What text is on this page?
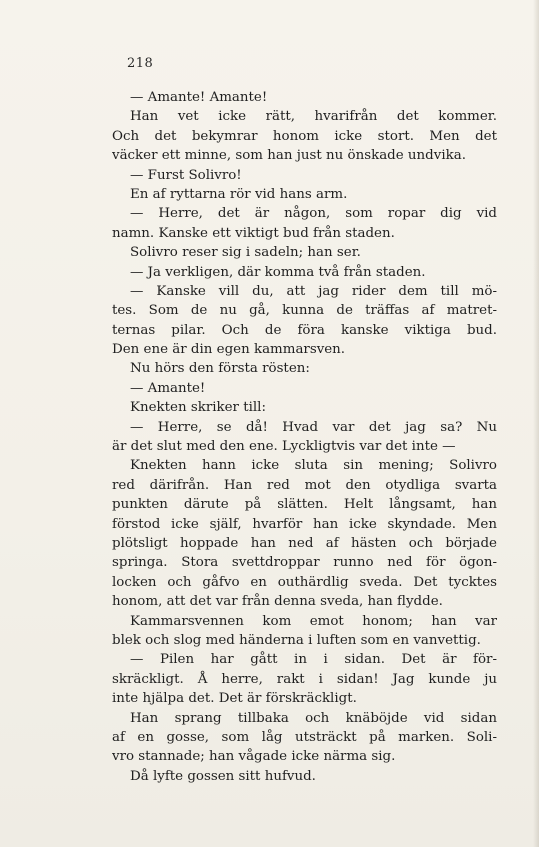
218
— Amante! Amante!
Han vet icke rätt, hvarifrån det kommer.
Och det bekymrar honom icke stort. Men det
väcker ett minne, som han just nu önskade undvika.
— Furst Solivro!
En af ryttarna rör vid hans arm.
— Herre, det är någon, som ropar dig vid
namn. Kanske ett viktigt bud från staden.
Solivro reser sig i sadeln; han ser.
— Ja verkligen, där komma två från staden.
— Kanske vill du, att jag rider dem till mö-
tes. Som de nu gå, kunna de träffas af matret-
ternas pilar. Och de föra kanske viktiga bud.
Den ene är din egen kammarsven.
Nu hörs den första rösten:
— Amante!
Knekten skriker till:
— Herre, se då! Hvad var det jag sa? Nu
är det slut med den ene. Lyckligtvis var det inte —
Knekten hann icke sluta sin mening; Solivro
red därifrån. Han red mot den otydliga svarta
punkten därute på slätten. Helt långsamt, han
förstod icke själf, hvarför han icke skyndade. Men
plötsligt hoppade han ned af hästen och började
springa. Stora svettdroppar runno ned för ögon-
locken och gåfvo en outhärdlig sveda. Det tycktes
honom, att det var från denna sveda, han flydde.
Kammarsvennen kom emot honom; han var
blek och slog med händerna i luften som en vanvettig.
— Pilen har gått in i sidan. Det är för-
skräckligt. Å herre, rakt i sidan! Jag kunde ju
inte hjälpa det. Det är förskräckligt.
Han sprang tillbaka och knäböjde vid sidan
af en gosse, som låg utsträckt på marken. Soli-
vro stannade; han vågade icke närma sig.
Då lyfte gossen sitt hufvud.
